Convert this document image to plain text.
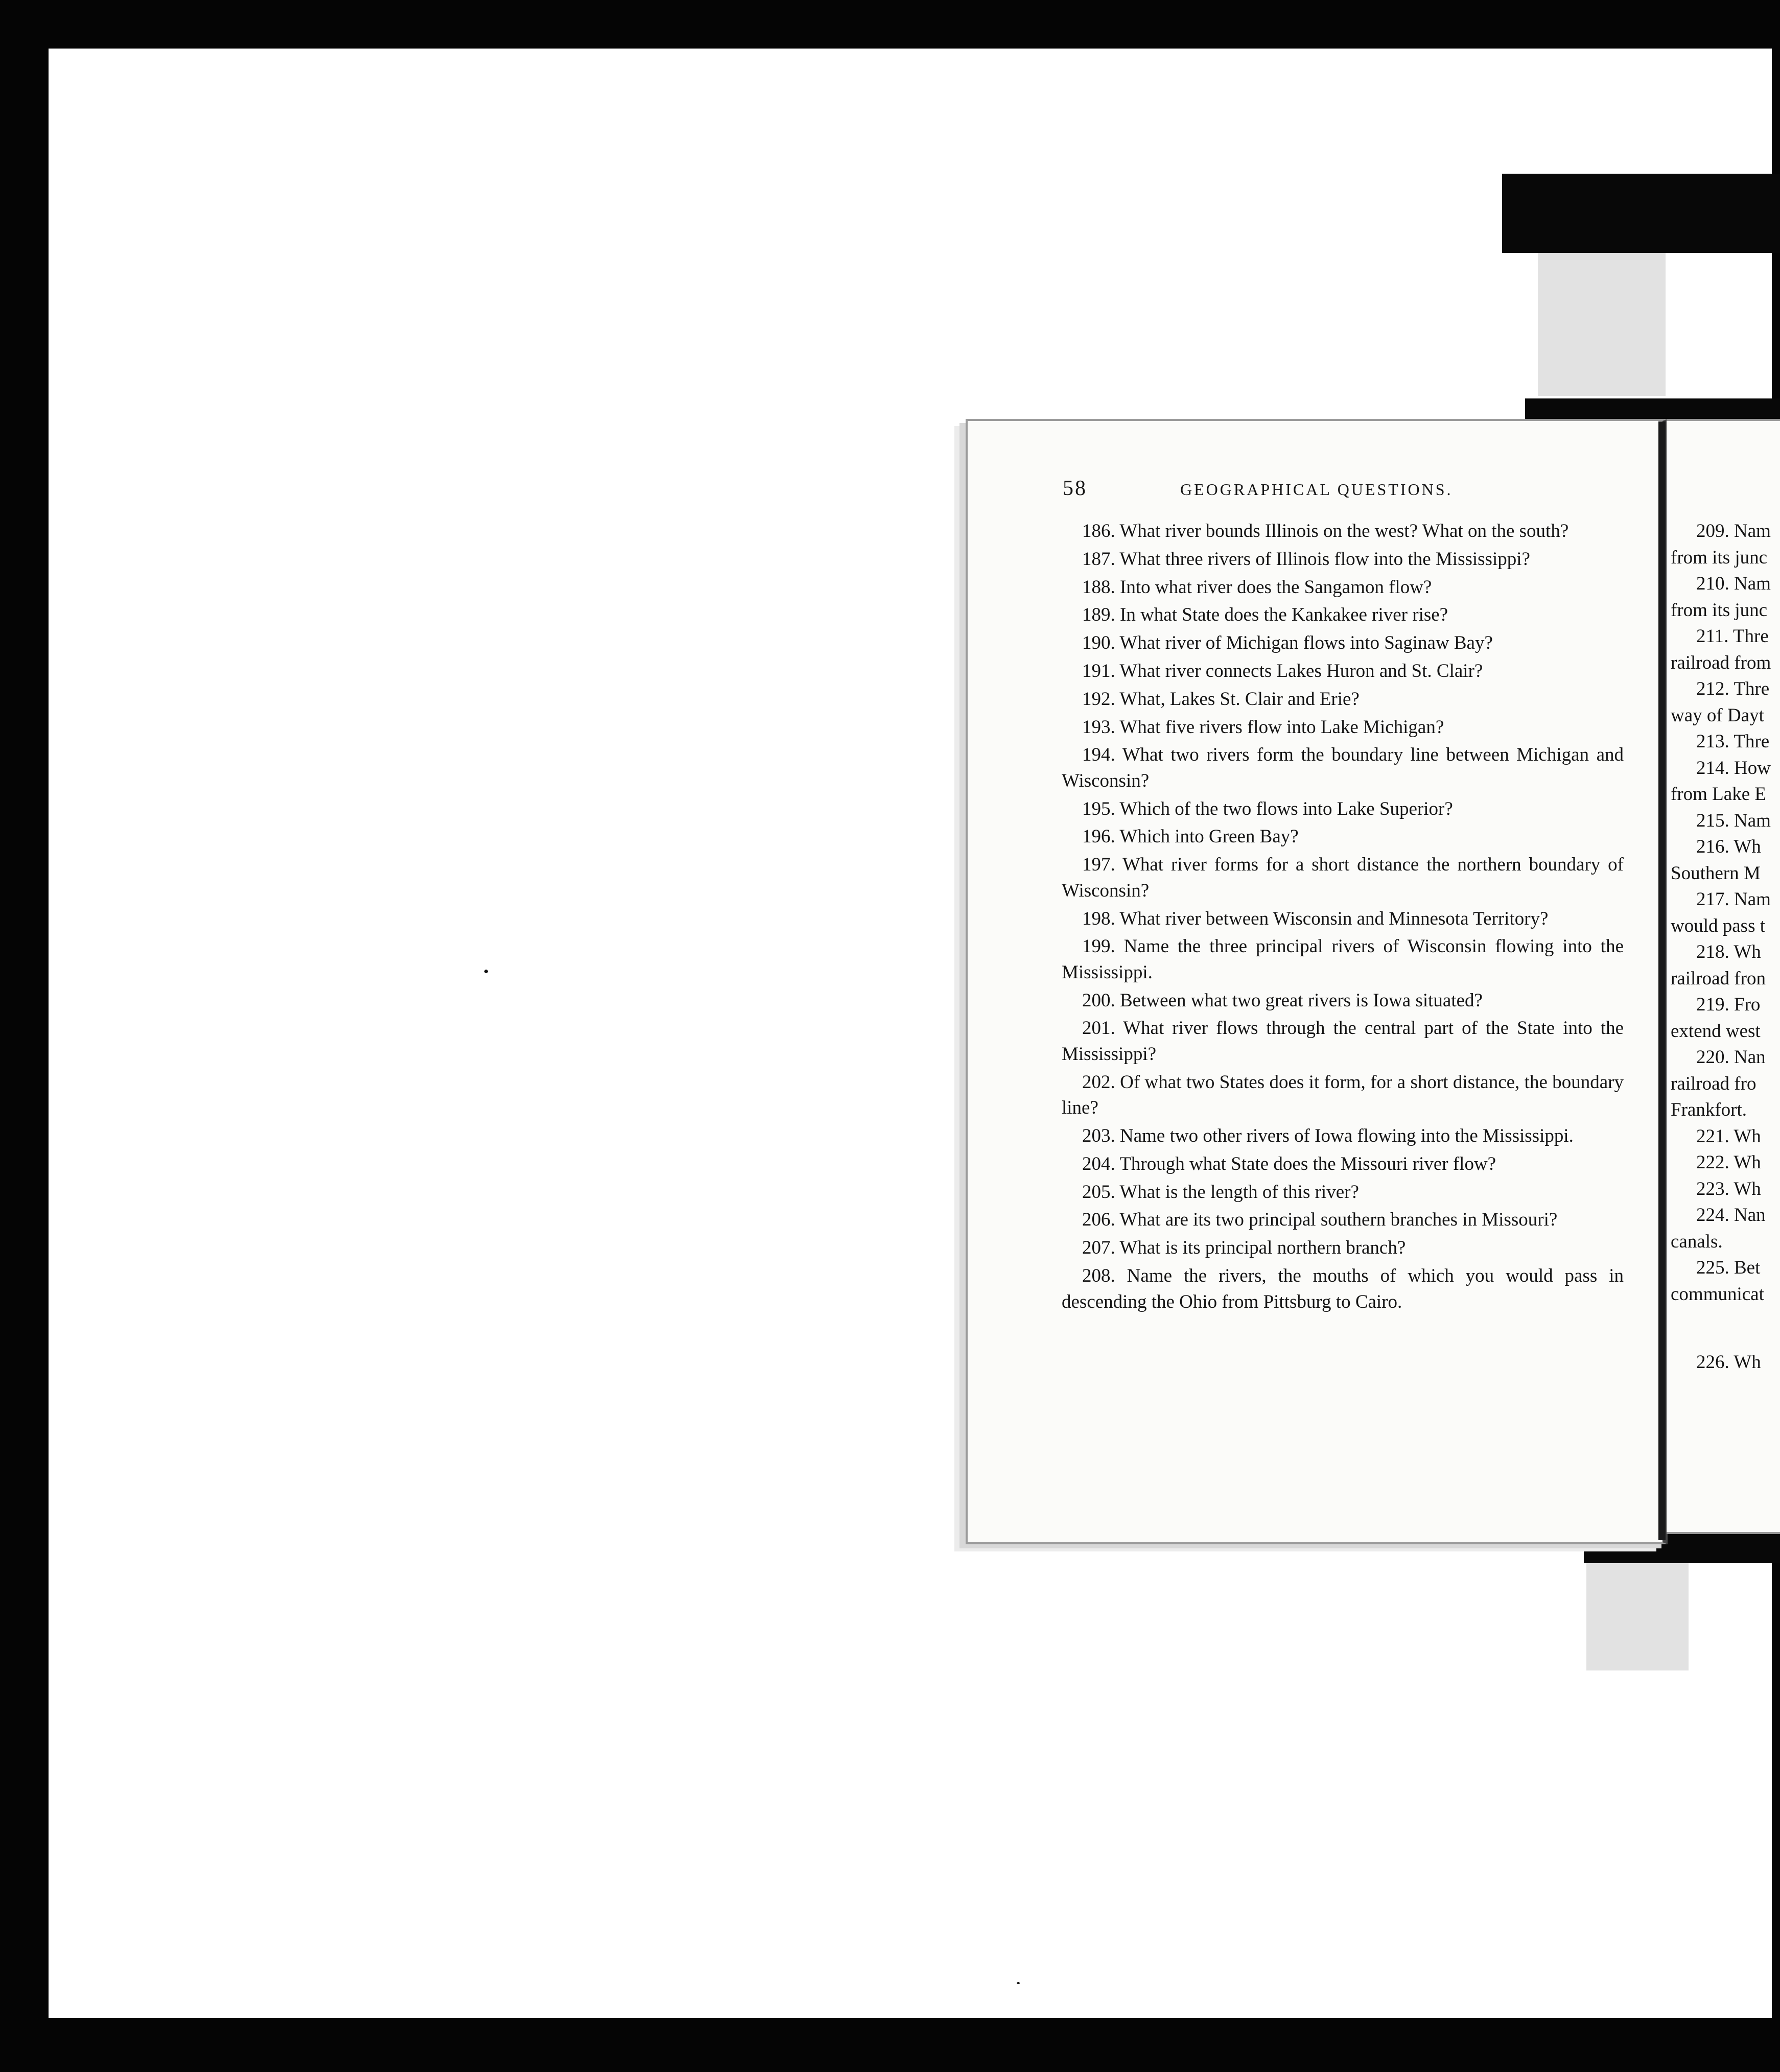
209. Nam
from its junc
210. Nam
from its junc
211. Thre
railroad from
212. Thre
way of Dayt
213. Thre
214. How
from Lake E
215. Nam
216. Wh
Southern M
217. Nam
would pass t
218. Wh
railroad fron
219. Fro
extend west
220. Nan
railroad fro
Frankfort.
221. Wh
222. Wh
223. Wh
224. Nan
canals.
225. Bet
communicat

226. Wh
58	GEOGRAPHICAL QUESTIONS.

186. What river bounds Illinois on the west? What on the south?

187. What three rivers of Illinois flow into the Mississippi?

188. Into what river does the Sangamon flow?

189. In what State does the Kankakee river rise?

190. What river of Michigan flows into Saginaw Bay?

191. What river connects Lakes Huron and St. Clair?

192. What, Lakes St. Clair and Erie?

193. What five rivers flow into Lake Michigan?

194. What two rivers form the boundary line between Michigan and Wisconsin?

195. Which of the two flows into Lake Superior?

196. Which into Green Bay?

197. What river forms for a short distance the northern boundary of Wisconsin?

198. What river between Wisconsin and Minnesota Territory?

199. Name the three principal rivers of Wisconsin flowing into the Mississippi.

200. Between what two great rivers is Iowa situated?

201. What river flows through the central part of the State into the Mississippi?

202. Of what two States does it form, for a short distance, the boundary line?

203. Name two other rivers of Iowa flowing into the Mississippi.

204. Through what State does the Missouri river flow?

205. What is the length of this river?

206. What are its two principal southern branches in Missouri?

207. What is its principal northern branch?

208. Name the rivers, the mouths of which you would pass in descending the Ohio from Pittsburg to Cairo.
